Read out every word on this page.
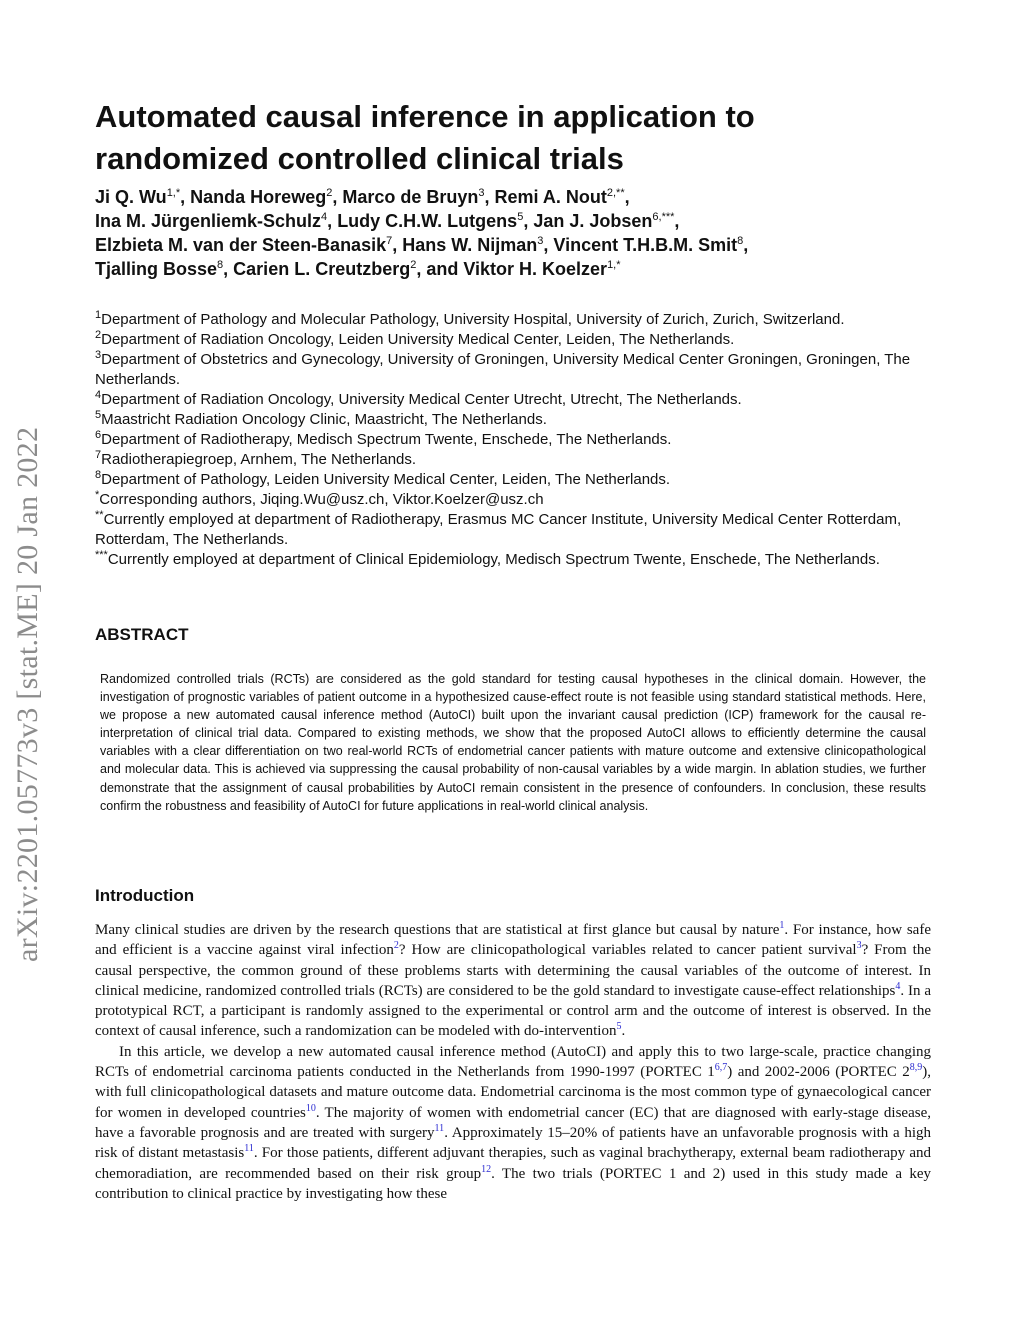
arXiv:2201.05773v3 [stat.ME] 20 Jan 2022
Automated causal inference in application to
randomized controlled clinical trials
Ji Q. $Wu^{1,*}$, Nanda Horeweg$^2$, Marco de Bruyn$^3$, Remi A. Nout$^{2,**}$,
Ina M. Jürgenliemk-Schulz$^4$, Ludy C.H.W. Lutgens$^5$, Jan J. Jobsen$^{6,***}$,
Elzbieta M. van der Steen-Banasik$^7$, Hans W. Nijman$^3$, Vincent T.H.B.M. Smit$^8$,
Tjalling Bosse$^8$, Carien L. Creutzberg$^2$, and Viktor H. Koelzer$^{1,*}$

$^1$Department of Pathology and Molecular Pathology, University Hospital, University of Zurich, Zurich, Switzerland.

$^2$Department of Radiation Oncology, Leiden University Medical Center, Leiden, The Netherlands.

$^3$Department of Obstetrics and Gynecology, University of Groningen, University Medical Center Groningen, Groningen, The Netherlands.

$^4$Department of Radiation Oncology, University Medical Center Utrecht, Utrecht, The Netherlands.

$^5$Maastricht Radiation Oncology Clinic, Maastricht, The Netherlands.

$^6$Department of Radiotherapy, Medisch Spectrum Twente, Enschede, The Netherlands.

$^7$Radiotherapiegroep, Arnhem, The Netherlands.

$^8$Department of Pathology, Leiden University Medical Center, Leiden, The Netherlands.

*Corresponding authors, Jiqing.Wu@usz.ch, Viktor.Koelzer@usz.ch

**Currently employed at department of Radiotherapy, Erasmus MC Cancer Institute, University Medical Center Rotterdam, Rotterdam, The Netherlands.

***Currently employed at department of Clinical Epidemiology, Medisch Spectrum Twente, Enschede, The Netherlands.

ABSTRACT

Randomized controlled trials (RCTs) are considered as the gold standard for testing causal hypotheses in the clinical domain. However, the investigation of prognostic variables of patient outcome in a hypothesized cause-effect route is not feasible using standard statistical methods. Here, we propose a new automated causal inference method (AutoCI) built upon the invariant causal prediction (ICP) framework for the causal re-interpretation of clinical trial data. Compared to existing methods, we show that the proposed AutoCI allows to efficiently determine the causal variables with a clear differentiation on two real-world RCTs of endometrial cancer patients with mature outcome and extensive clinicopathological and molecular data. This is achieved via suppressing the causal probability of non-causal variables by a wide margin. In ablation studies, we further demonstrate that the assignment of causal probabilities by AutoCI remain consistent in the presence of confounders. In conclusion, these results confirm the robustness and feasibility of AutoCI for future applications in real-world clinical analysis.

Introduction

Many clinical studies are driven by the research questions that are statistical at first glance but causal by nature$^1$. For instance, how safe and efficient is a vaccine against viral infection$^2$? How are clinicopathological variables related to cancer patient survival$^3$? From the causal perspective, the common ground of these problems starts with determining the causal variables of the outcome of interest. In clinical medicine, randomized controlled trials (RCTs) are considered to be the gold standard to investigate cause-effect relationships$^4$. In a prototypical RCT, a participant is randomly assigned to the experimental or control arm and the outcome of interest is observed. In the context of causal inference, such a randomization can be modeled with do-intervention$^5$.

In this article, we develop a new automated causal inference method (AutoCI) and apply this to two large-scale, practice changing RCTs of endometrial carcinoma patients conducted in the Netherlands from 1990-1997 (PORTEC 1$^{6,7}$) and 2002-2006 (PORTEC 2$^{8,9}$), with full clinicopathological datasets and mature outcome data. Endometrial carcinoma is the most common type of gynaecological cancer for women in developed countries$^{10}$. The majority of women with endometrial cancer (EC) that are diagnosed with early-stage disease, have a favorable prognosis and are treated with surgery$^{11}$. Approximately 15–20% of patients have an unfavorable prognosis with a high risk of distant metastasis$^{11}$. For those patients, different adjuvant therapies, such as vaginal brachytherapy, external beam radiotherapy and chemoradiation, are recommended based on their risk group$^{12}$. The two trials (PORTEC 1 and 2) used in this study made a key contribution to clinical practice by investigating how these
